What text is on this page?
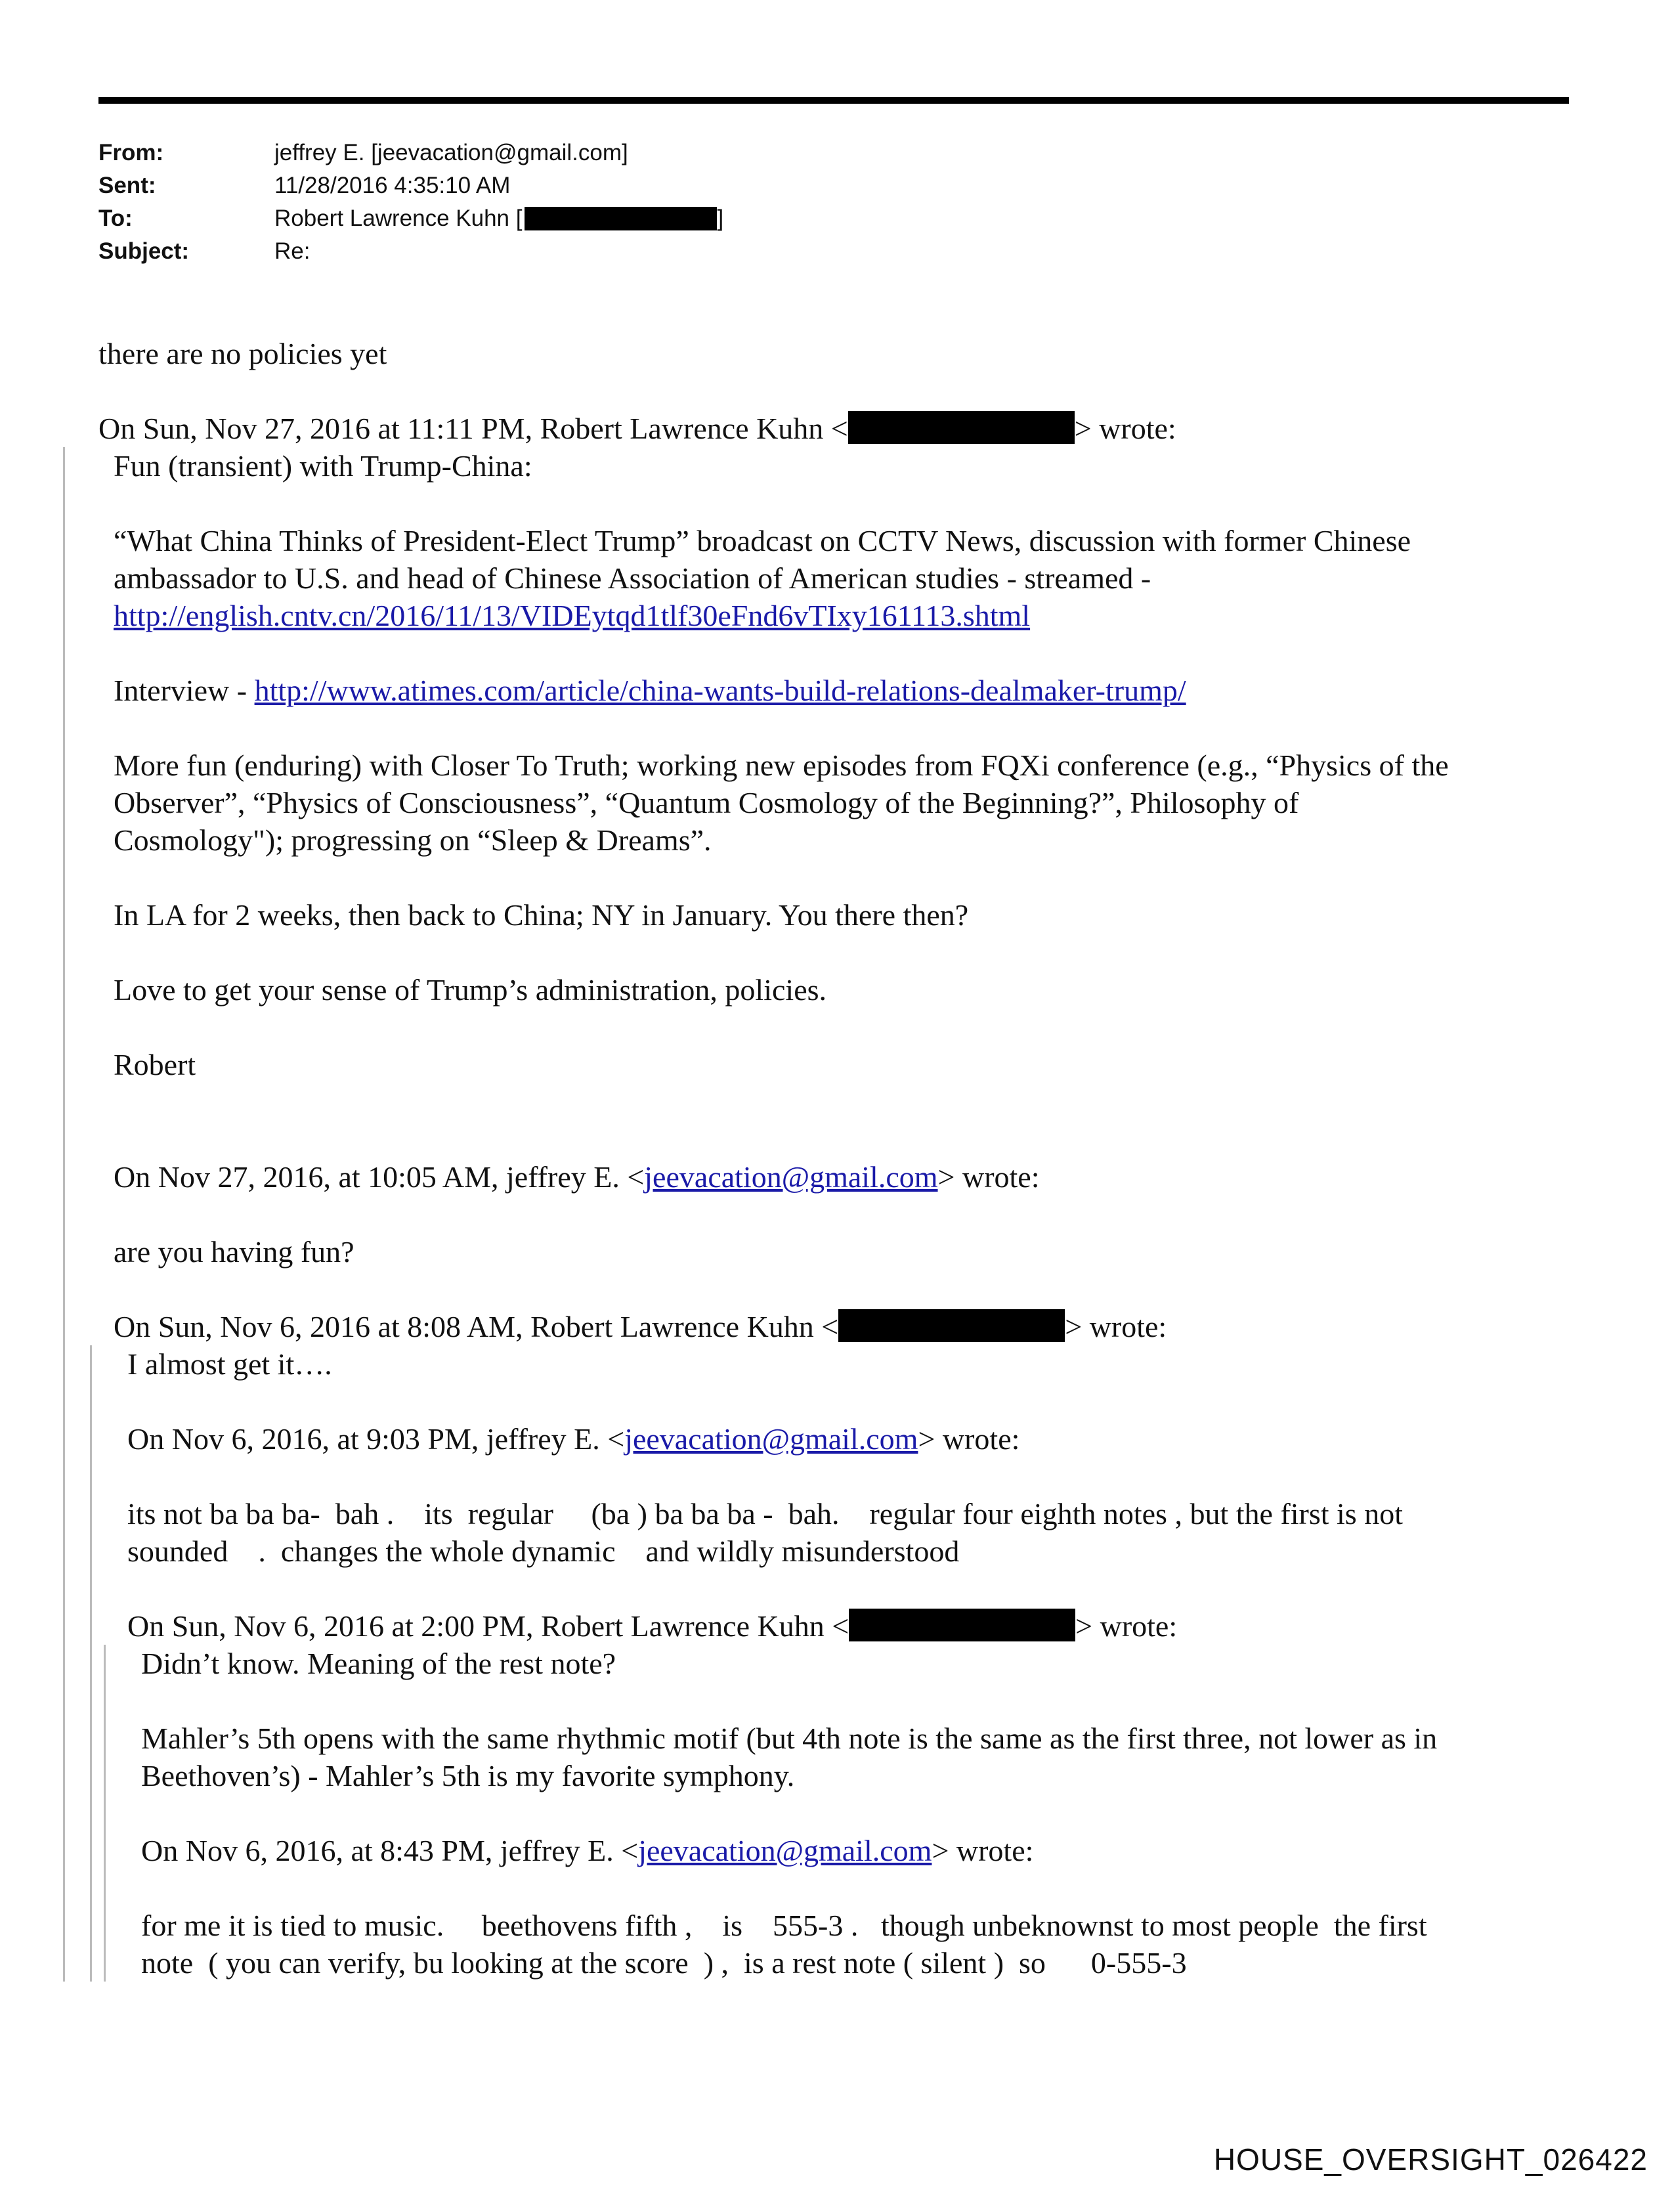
From:	jeffrey E. [jeevacation@gmail.com]
Sent:	11/28/2016 4:35:10 AM
To:	Robert Lawrence Kuhn [	]
Subject:	Re:
there are no policies yet
On Sun, Nov 27, 2016 at 11:11 PM, Robert Lawrence Kuhn <	> wrote:
Fun (transient) with Trump-China:
“What China Thinks of President-Elect Trump” broadcast on CCTV News, discussion with former Chinese
ambassador to U.S. and head of Chinese Association of American studies - streamed -
http://english.cntv.cn/2016/11/13/VIDEytqd1tlf30eFnd6vTIxy161113.shtml
Interview - http://www.atimes.com/article/china-wants-build-relations-dealmaker-trump/
More fun (enduring) with Closer To Truth; working new episodes from FQXi conference (e.g., “Physics of the
Observer”, “Physics of Consciousness”, “Quantum Cosmology of the Beginning?”, Philosophy of
Cosmology"); progressing on “Sleep & Dreams”.
In LA for 2 weeks, then back to China; NY in January. You there then?
Love to get your sense of Trump’s administration, policies.
Robert
On Nov 27, 2016, at 10:05 AM, jeffrey E. <jeevacation@gmail.com> wrote:
are you having fun?
On Sun, Nov 6, 2016 at 8:08 AM, Robert Lawrence Kuhn <	> wrote:
I almost get it….
On Nov 6, 2016, at 9:03 PM, jeffrey E. <jeevacation@gmail.com> wrote:
its not ba ba ba-  bah .    its  regular     (ba ) ba ba ba -  bah.    regular four eighth notes , but the first is not
sounded    .  changes the whole dynamic    and wildly misunderstood
On Sun, Nov 6, 2016 at 2:00 PM, Robert Lawrence Kuhn <	> wrote:
Didn’t know. Meaning of the rest note?
Mahler’s 5th opens with the same rhythmic motif (but 4th note is the same as the first three, not lower as in
Beethoven’s) - Mahler’s 5th is my favorite symphony.
On Nov 6, 2016, at 8:43 PM, jeffrey E. <jeevacation@gmail.com> wrote:
for me it is tied to music.     beethovens fifth ,    is    555-3 .   though unbeknownst to most people  the first
note  ( you can verify, bu looking at the score  ) ,  is a rest note ( silent )  so      0-555-3
HOUSE_OVERSIGHT_026422
